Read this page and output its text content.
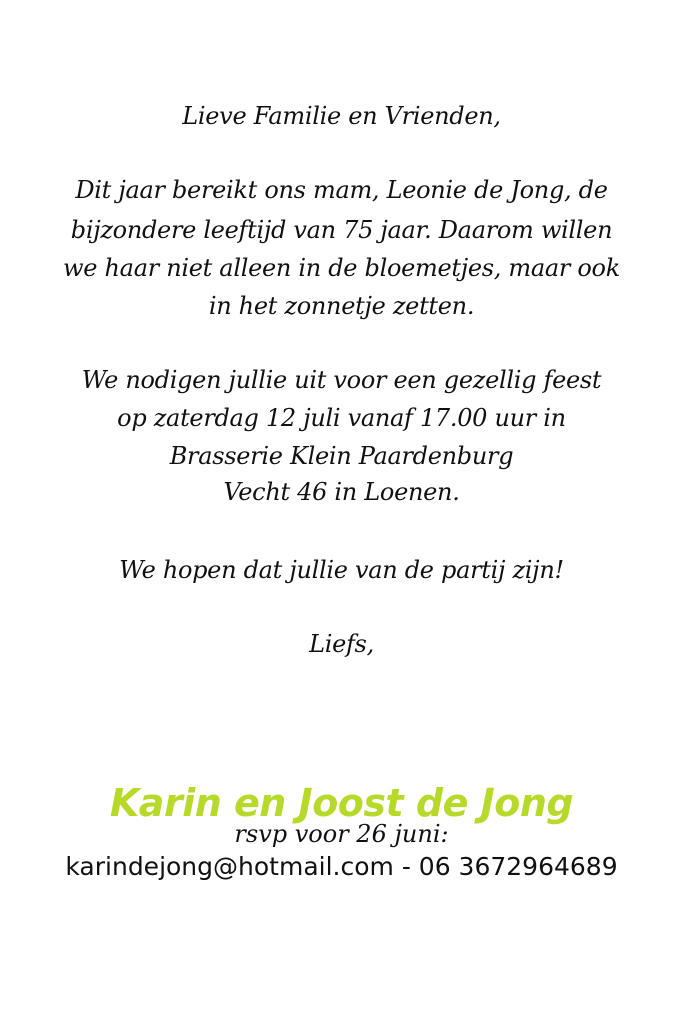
Lieve Familie en Vrienden,
Dit jaar bereikt ons mam, Leonie de Jong, de
bijzondere leeftijd van 75 jaar. Daarom willen
we haar niet alleen in de bloemetjes, maar ook
in het zonnetje zetten.
We nodigen jullie uit voor een gezellig feest
op zaterdag 12 juli vanaf 17.00 uur in
Brasserie Klein Paardenburg
Vecht 46 in Loenen.
We hopen dat jullie van de partij zijn!
Liefs,
Karin en Joost de Jong
rsvp voor 26 juni:
karindejong@hotmail.com - 06 3672964689
